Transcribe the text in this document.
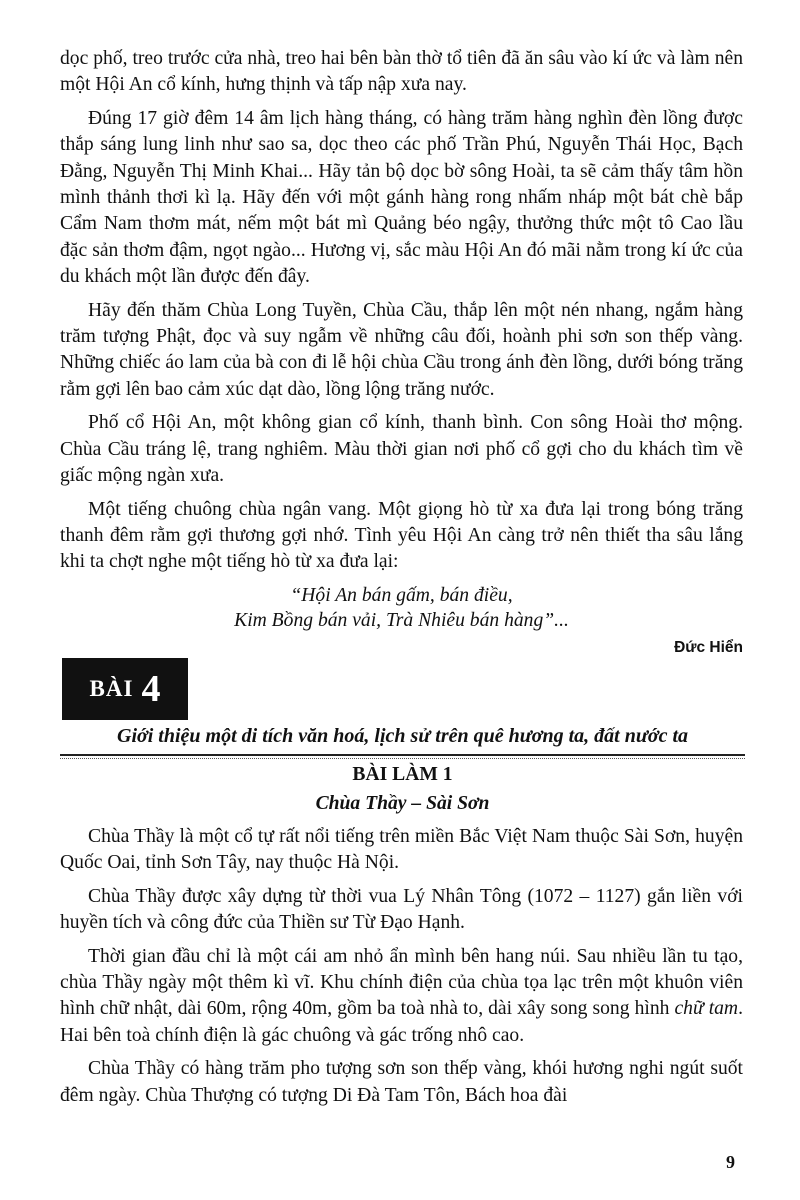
dọc phố, treo trước cửa nhà, treo hai bên bàn thờ tổ tiên đã ăn sâu vào kí ức và làm nên một Hội An cổ kính, hưng thịnh và tấp nập xưa nay.

Đúng 17 giờ đêm 14 âm lịch hàng tháng, có hàng trăm hàng nghìn đèn lồng được thắp sáng lung linh như sao sa, dọc theo các phố Trần Phú, Nguyễn Thái Học, Bạch Đằng, Nguyễn Thị Minh Khai... Hãy tản bộ dọc bờ sông Hoài, ta sẽ cảm thấy tâm hồn mình thảnh thơi kì lạ. Hãy đến với một gánh hàng rong nhấm nháp một bát chè bắp Cẩm Nam thơm mát, nếm một bát mì Quảng béo ngậy, thưởng thức một tô Cao lầu đặc sản thơm đậm, ngọt ngào... Hương vị, sắc màu Hội An đó mãi nằm trong kí ức của du khách một lần được đến đây.

Hãy đến thăm Chùa Long Tuyền, Chùa Cầu, thắp lên một nén nhang, ngắm hàng trăm tượng Phật, đọc và suy ngẫm về những câu đối, hoành phi sơn son thếp vàng. Những chiếc áo lam của bà con đi lễ hội chùa Cầu trong ánh đèn lồng, dưới bóng trăng rằm gợi lên bao cảm xúc dạt dào, lồng lộng trăng nước.

Phố cổ Hội An, một không gian cổ kính, thanh bình. Con sông Hoài thơ mộng. Chùa Cầu tráng lệ, trang nghiêm. Màu thời gian nơi phố cổ gợi cho du khách tìm về giấc mộng ngàn xưa.

Một tiếng chuông chùa ngân vang. Một giọng hò từ xa đưa lại trong bóng trăng thanh đêm rằm gợi thương gợi nhớ. Tình yêu Hội An càng trở nên thiết tha sâu lắng khi ta chợt nghe một tiếng hò từ xa đưa lại:

“Hội An bán gấm, bán điều,
Kim Bồng bán vải, Trà Nhiêu bán hàng”...
Đức Hiển
BÀI 4
Giới thiệu một di tích văn hoá, lịch sử trên quê hương ta, đất nước ta
BÀI LÀM 1
Chùa Thầy – Sài Sơn

Chùa Thầy là một cổ tự rất nổi tiếng trên miền Bắc Việt Nam thuộc Sài Sơn, huyện Quốc Oai, tỉnh Sơn Tây, nay thuộc Hà Nội.

Chùa Thầy được xây dựng từ thời vua Lý Nhân Tông (1072 – 1127) gắn liền với huyền tích và công đức của Thiền sư Từ Đạo Hạnh.

Thời gian đầu chỉ là một cái am nhỏ ẩn mình bên hang núi. Sau nhiều lần tu tạo, chùa Thầy ngày một thêm kì vĩ. Khu chính điện của chùa tọa lạc trên một khuôn viên hình chữ nhật, dài 60m, rộng 40m, gồm ba toà nhà to, dài xây song song hình chữ tam. Hai bên toà chính điện là gác chuông và gác trống nhô cao.

Chùa Thầy có hàng trăm pho tượng sơn son thếp vàng, khói hương nghi ngút suốt đêm ngày. Chùa Thượng có tượng Di Đà Tam Tôn, Bách hoa đài

9
